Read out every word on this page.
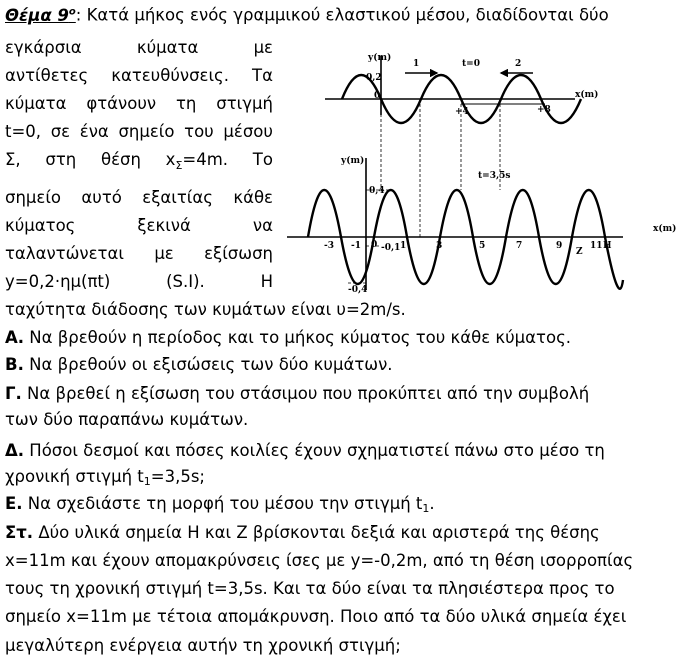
Θέμα $9^o$: Κατά μήκος ενός γραμμικού ελαστικού μέσου, διαδίδονται δύο
εγκάρσια	κύματα	με
αντίθετες κατευθύνσεις. Τα
κύματα φτάνουν τη στιγμή
t=0, σε ένα σημείο του μέσου
Σ, στη θέση $x_\Sigma=4m$. Το
σημείο αυτό εξαιτίας κάθε
κύματος	ξεκινά	να
ταλαντώνεται με εξίσωση
y=0,2·ημ(πt)	(S.I).	Η
ταχύτητα διάδοσης των κυμάτων είναι υ=2m/s.
Α. Να βρεθούν η περίοδος και το μήκος κύματος του κάθε κύματος.
Β. Να βρεθούν οι εξισώσεις των δύο κυμάτων.
Γ. Να βρεθεί η εξίσωση του στάσιμου που προκύπτει από την συμβολή
των δύο παραπάνω κυμάτων.
Δ. Πόσοι δεσμοί και πόσες κοιλίες έχουν σχηματιστεί πάνω στο μέσο τη
χρονική στιγμή $t_1=3,5s$;
Ε. Να σχεδιάστε τη μορφή του μέσου την στιγμή $t_1$.
Στ. Δύο υλικά σημεία Η και Ζ βρίσκονται δεξιά και αριστερά της θέσης
x=11m και έχουν απομακρύνσεις ίσες με y=-0,2m, από τη θέση ισορροπίας
τους τη χρονική στιγμή t=3,5s. Και τα δύο είναι τα πλησιέστερα προς το
σημείο x=11m με τέτοια απομάκρυνση. Ποιο από τα δύο υλικά σημεία έχει
μεγαλύτερη ενέργεια αυτήν τη χρονική στιγμή;
y(m)
0,2
0
1	t=0	2
x(m)
+4	+8
y(m)
t=3,5s
0,4
-0,4
0 -0,1
x(m)
-3 -1	1	3	5	7	9	11
Z
H
